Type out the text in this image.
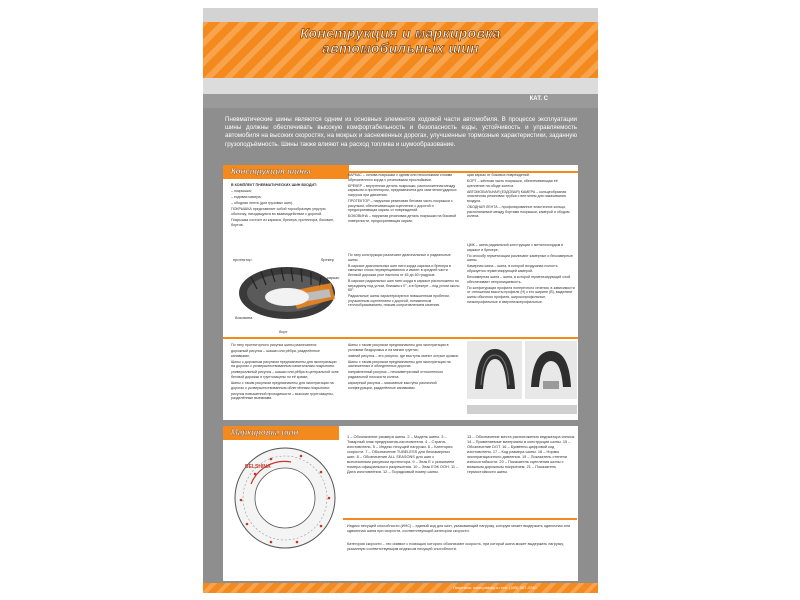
Конструкция и маркировка
автомобильных шин
КАТ. С
Пневматические шины являются одним из основных элементов ходовой части автомобиля. В процессе эксплуатации шины должны обеспечивать высокую комфортабельность и безопасность езды, устойчивость и управляемость автомобиля на высоких скоростях, на мокрых и заснеженных дорогах, улучшенные тормозные характеристики, заданную грузоподъёмность. Шины также влияют на расход топлива и шумообразование.
Конструкция шины

В КОМПЛЕКТ ПНЕВМАТИЧЕСКИХ ШИН ВХОДИТ:

– покрышка;

– ездовая камера;

– ободная лента (для грузовых шин).

ПОКРЫШКА представляет собой торообразную упругую оболочку, находящуюся во взаимодействии с дорогой.

Покрышка состоит из каркаса, брекера, протектора, боковин, бортов.

КАРКАС – основа покрышки с одним или несколькими слоями обрезиненного корда с резиновыми прослойками.

БРЕКЕР – внутренняя деталь покрышки, расположенная между каркасом и протектором, предназначена для смягчения ударных нагрузок при движении.

ПРОТЕКТОР – наружная резиновая беговая часть покрышки с рисунком, обеспечивающая сцепление с дорогой и предохраняющая каркас от повреждений.

БОКОВИНА – наружная резиновая деталь покрышки на боковой поверхности, предохраняющая каркас.

щая каркас от боковых повреждений.

БОРТ – жёсткая часть покрышки, обеспечивающая её крепление на ободе колеса.

АВТОМОБИЛЬНАЯ (ЕЗДОВАЯ) КАМЕРА – кольцеобразная эластичная резиновая трубка с вентилем для накачивания воздуха.

ОБОДНАЯ ЛЕНТА – профилированное эластичное кольцо, располагаемое между бортами покрышки, камерой и ободом колеса.

протектор	брекер
каркас
боковина
борт

По типу конструкции различают диагональные и радиальные шины.

В каркасе диагональных шин нити корда каркаса и брекера в смежных слоях перекрещиваются и имеют в средней части беговой дорожки угол наклона от 45 до 60 градусов.

В каркасе радиальных шин нити корда в каркасе расположены по меридиану под углом, близким к 0°, а в брекере – под углом около 65°.

Радиальные шины характеризуются повышенным пробегом, улучшенным сцеплением с дорогой, пониженным теплообразованием, низким сопротивлением качению.

ЦМК – шина радиальной конструкции с металлокордом в каркасе и брекере.

По способу герметизации различают камерные и бескамерные шины.

Камерная шина – шина, в которой воздушная полость образуется герметизирующей камерой.

Бескамерная шина – шина, в которой герметизирующий слой обеспечивает непроницаемость.

По конфигурации профиля поперечного сечения, в зависимости от отношения высоты профиля (Н) к его ширине (В), выделяют шины обычного профиля, широкопрофильные, низкопрофильные и сверхнизкопрофильные.

По типу протекторного рисунка шины различаются:

дорожный рисунок – шашки или рёбра, разделённые канавками;

Шины с дорожным рисунком предназначены для эксплуатации на дорогах с усовершенствованным капитальным покрытием.

универсальный рисунок – шашки или рёбра в центральной зоне беговой дорожки и грунтозацепы по её краям;

Шины с таким рисунком предназначены для эксплуатации на дорогах с усовершенствованным облегчённым покрытием;

рисунок повышенной проходимости – высокие грунтозацепы, разделённые выемками.

Шины с таким рисунком предназначены для эксплуатации в условиях бездорожья и на мягких грунтах;

зимний рисунок – это рисунок, где выступы имеют острые кромки.

Шины с таким рисунком предназначены для эксплуатации на заснеженных и обледенелых дорогах.

направленный рисунок – несимметричный относительно радиальной плоскости колеса.

карьерный рисунок – массивные выступы различной конфигурации, разделённые канавками.

Маркировка шин
BELSHINA
1 – Обозначение размера шины. 2 – Модель шины. 3 – Товарный знак предприятия-изготовителя. 4 – Страна-изготовитель. 5 – Индекс несущей нагрузки. 6 – Категория скорости. 7 – Обозначение TUBELESS для бескамерных шин. 8 – Обозначение ALL SEASONS для шин с всесезонным рисунком протектора. 9 – Знак E с указанием номера официального разрешения. 10 – Знак ЕЭК ООН. 11 – Дата изготовления. 12 – Порядковый номер шины.
13 – Обозначение места расположения индикатора износа. 14 – Применяемые материалы в конструкции шины. 15 – Обозначение DOT. 16 – Буквенно-цифровой код изготовителя. 17 – Код размера шины. 18 – Нормы эксплуатационного давления. 19 – Показатель степени износостойкости. 20 – Показатель сцепления шины с влажным дорожным покрытием. 21 – Показатель термостойкости шины.
Индекс несущей способности (ИНС) – единый код для шин, указывающий нагрузку, которую может выдержать одиночная или сдвоенная шина при скорости, соответствующей категории скорости.
Категория скорости – это символ с помощью которого обозначают скорость, при которой шина может выдержать нагрузку, указанную соответствующим индексом несущей способности.
Лицензия: www.plakaty.ru тел. (495) 987-4740
